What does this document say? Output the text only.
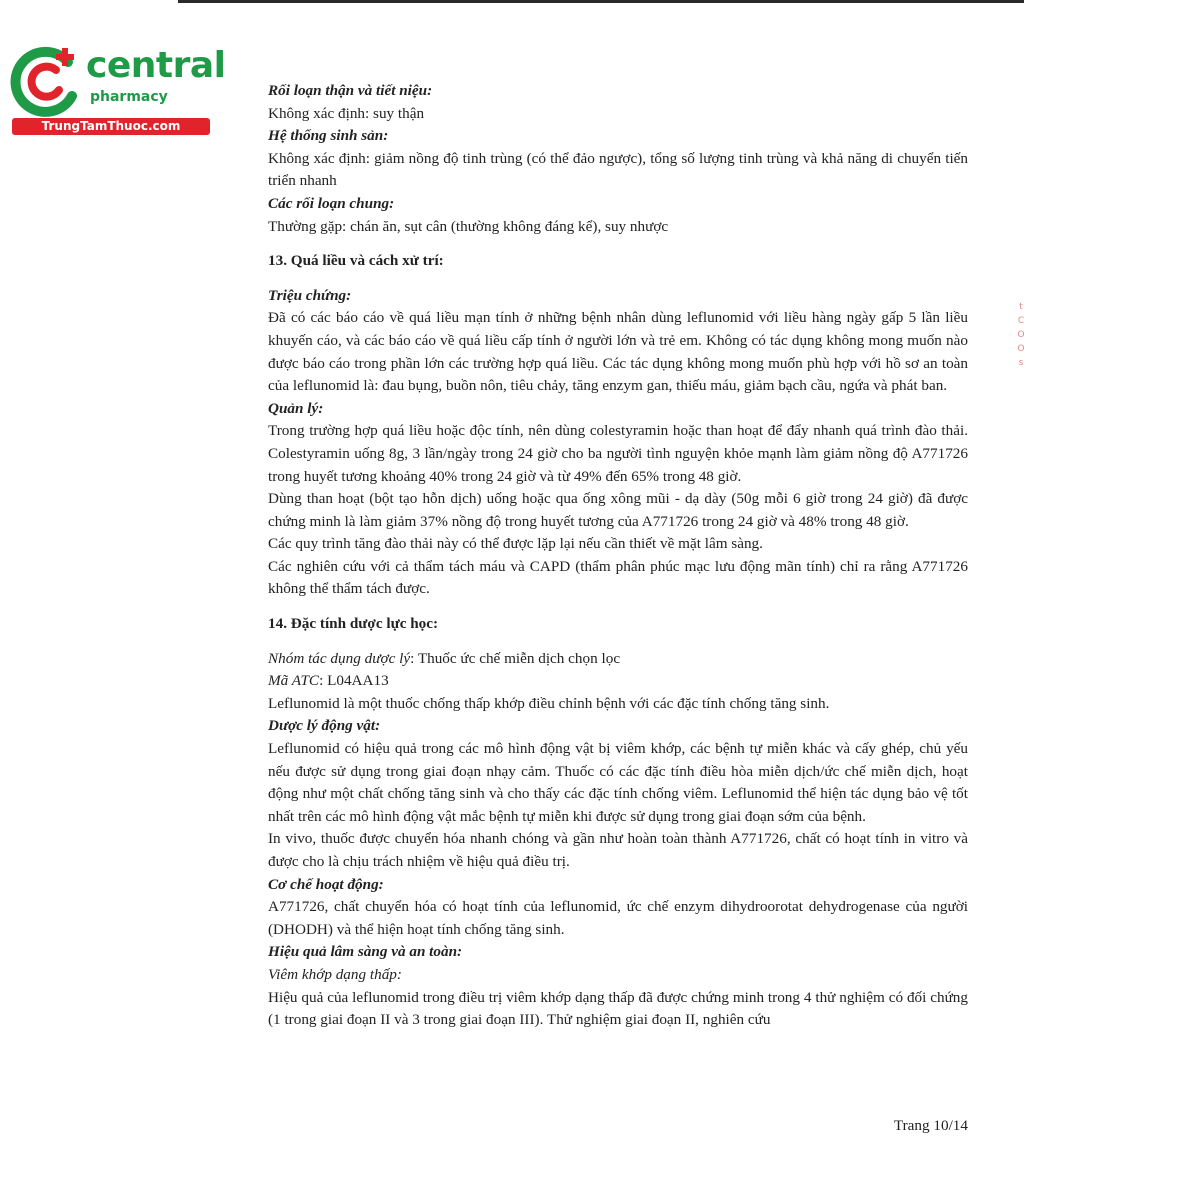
central
pharmacy
TrungTamThuoc.com
t C O O s

Rối loạn thận và tiết niệu:

Không xác định: suy thận

Hệ thống sinh sản:

Không xác định: giảm nồng độ tinh trùng (có thể đảo ngược), tổng số lượng tinh trùng và khả năng di chuyển tiến triển nhanh

Các rối loạn chung:

Thường gặp: chán ăn, sụt cân (thường không đáng kể), suy nhược

13. Quá liều và cách xử trí:

Triệu chứng:

Đã có các báo cáo về quá liều mạn tính ở những bệnh nhân dùng leflunomid với liều hàng ngày gấp 5 lần liều khuyến cáo, và các báo cáo về quá liều cấp tính ở người lớn và trẻ em. Không có tác dụng không mong muốn nào được báo cáo trong phần lớn các trường hợp quá liều. Các tác dụng không mong muốn phù hợp với hồ sơ an toàn của leflunomid là: đau bụng, buồn nôn, tiêu chảy, tăng enzym gan, thiếu máu, giảm bạch cầu, ngứa và phát ban.

Quản lý:

Trong trường hợp quá liều hoặc độc tính, nên dùng colestyramin hoặc than hoạt để đẩy nhanh quá trình đào thải. Colestyramin uống 8g, 3 lần/ngày trong 24 giờ cho ba người tình nguyện khỏe mạnh làm giảm nồng độ A771726 trong huyết tương khoảng 40% trong 24 giờ và từ 49% đến 65% trong 48 giờ.

Dùng than hoạt (bột tạo hỗn dịch) uống hoặc qua ống xông mũi - dạ dày (50g mỗi 6 giờ trong 24 giờ) đã được chứng minh là làm giảm 37% nồng độ trong huyết tương của A771726 trong 24 giờ và 48% trong 48 giờ.

Các quy trình tăng đào thải này có thể được lặp lại nếu cần thiết về mặt lâm sàng.

Các nghiên cứu với cả thẩm tách máu và CAPD (thẩm phân phúc mạc lưu động mãn tính) chỉ ra rằng A771726 không thể thẩm tách được.

14. Đặc tính dược lực học:

Nhóm tác dụng dược lý: Thuốc ức chế miễn dịch chọn lọc

Mã ATC: L04AA13

Leflunomid là một thuốc chống thấp khớp điều chỉnh bệnh với các đặc tính chống tăng sinh.

Dược lý động vật:

Leflunomid có hiệu quả trong các mô hình động vật bị viêm khớp, các bệnh tự miễn khác và cấy ghép, chủ yếu nếu được sử dụng trong giai đoạn nhạy cảm. Thuốc có các đặc tính điều hòa miễn dịch/ức chế miễn dịch, hoạt động như một chất chống tăng sinh và cho thấy các đặc tính chống viêm. Leflunomid thể hiện tác dụng bảo vệ tốt nhất trên các mô hình động vật mắc bệnh tự miễn khi được sử dụng trong giai đoạn sớm của bệnh.

In vivo, thuốc được chuyển hóa nhanh chóng và gần như hoàn toàn thành A771726, chất có hoạt tính in vitro và được cho là chịu trách nhiệm về hiệu quả điều trị.

Cơ chế hoạt động:

A771726, chất chuyển hóa có hoạt tính của leflunomid, ức chế enzym dihydroorotat dehydrogenase của người (DHODH) và thể hiện hoạt tính chống tăng sinh.

Hiệu quả lâm sàng và an toàn:

Viêm khớp dạng thấp:

Hiệu quả của leflunomid trong điều trị viêm khớp dạng thấp đã được chứng minh trong 4 thử nghiệm có đối chứng (1 trong giai đoạn II và 3 trong giai đoạn III). Thử nghiệm giai đoạn II, nghiên cứu

Trang 10/14
